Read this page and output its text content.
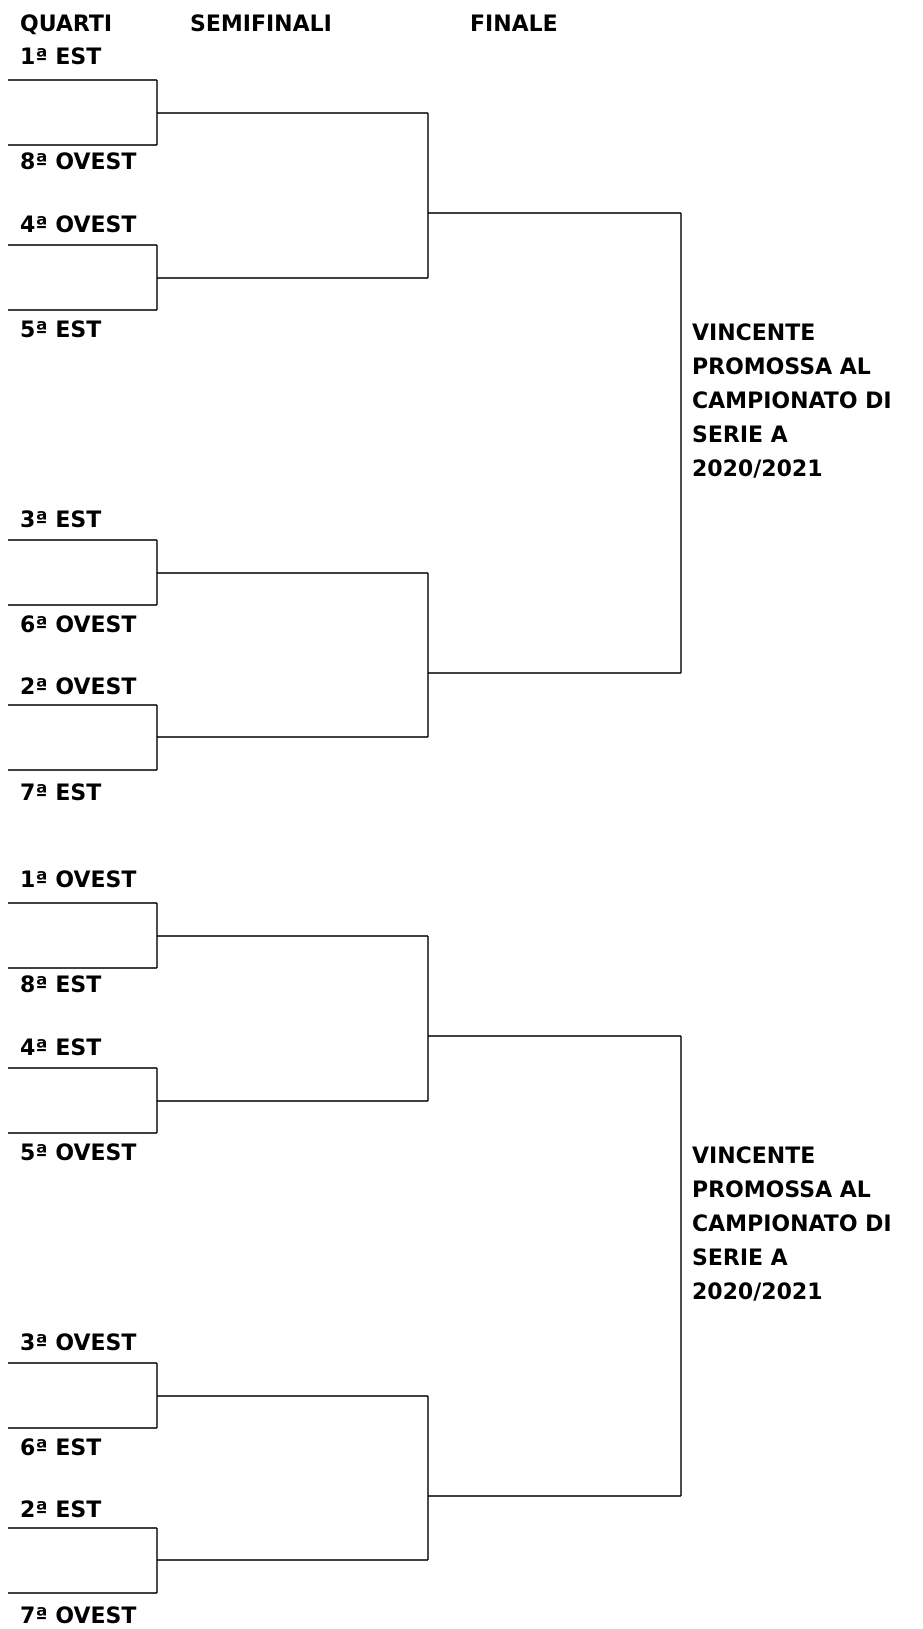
QUARTI	SEMIFINALI	FINALE
1ª EST
8ª OVEST
4ª OVEST
5ª EST
3ª EST
6ª OVEST
2ª OVEST
7ª EST
VINCENTE
PROMOSSA AL
CAMPIONATO DI
SERIE A
2020/2021
1ª OVEST
8ª EST
4ª EST
5ª OVEST
3ª OVEST
6ª EST
2ª EST
7ª OVEST
VINCENTE
PROMOSSA AL
CAMPIONATO DI
SERIE A
2020/2021
